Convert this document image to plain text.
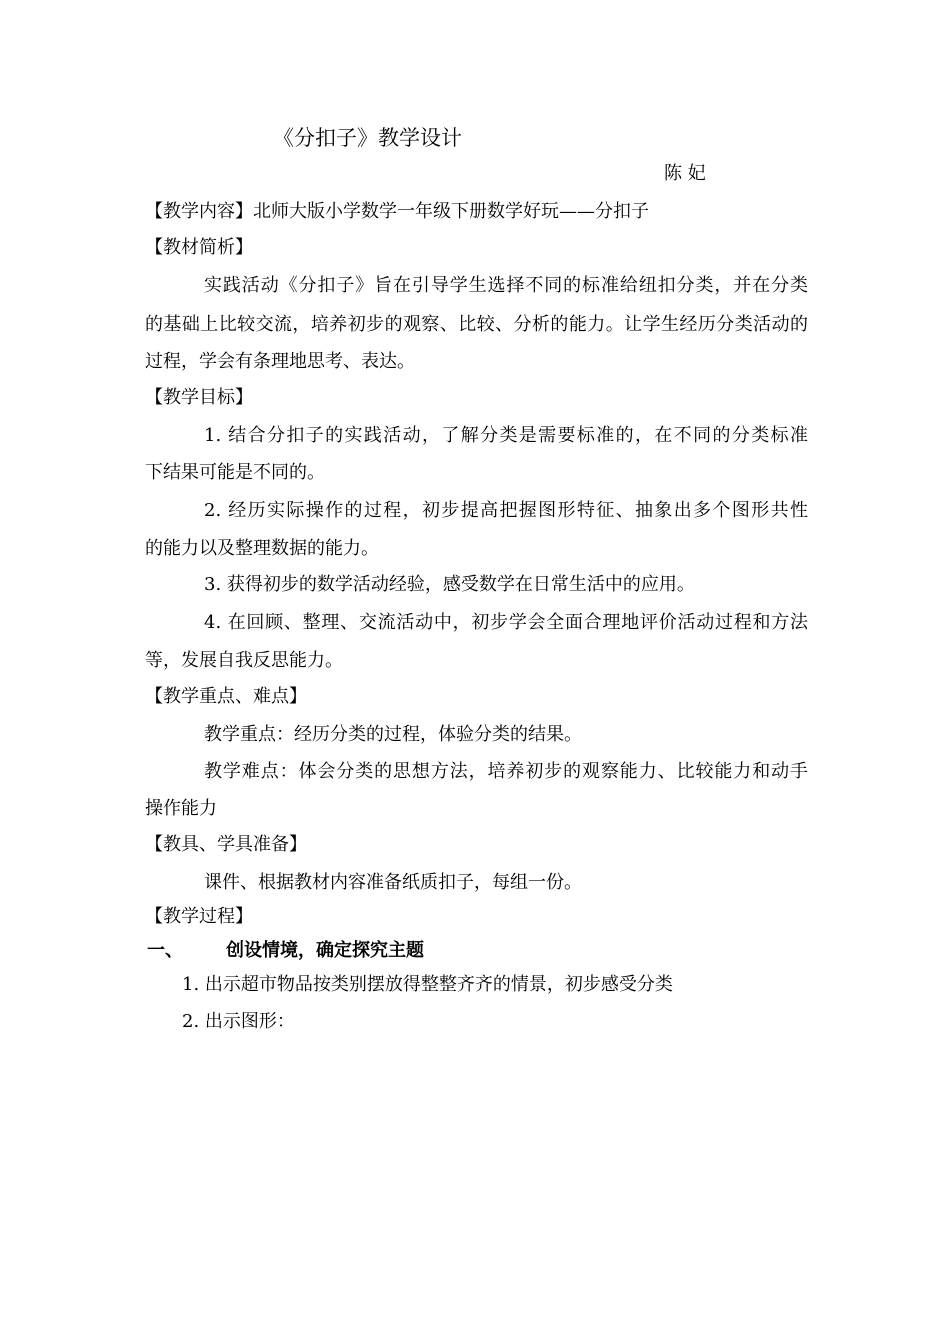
《分扣子》教学设计
陈 妃
【教学内容】北师大版小学数学一年级下册数学好玩——分扣子
【教材简析】
实践活动《分扣子》旨在引导学生选择不同的标准给纽扣分类，并在分类
的基础上比较交流，培养初步的观察、比较、分析的能力。让学生经历分类活动的
过程，学会有条理地思考、表达。
【教学目标】
1. 结合分扣子的实践活动，了解分类是需要标准的，在不同的分类标准
下结果可能是不同的。
2. 经历实际操作的过程，初步提高把握图形特征、抽象出多个图形共性
的能力以及整理数据的能力。
3. 获得初步的数学活动经验，感受数学在日常生活中的应用。
4. 在回顾、整理、交流活动中，初步学会全面合理地评价活动过程和方法
等，发展自我反思能力。
【教学重点、难点】
教学重点：经历分类的过程，体验分类的结果。
教学难点：体会分类的思想方法，培养初步的观察能力、比较能力和动手
操作能力
【教具、学具准备】
课件、根据教材内容准备纸质扣子，每组一份。
【教学过程】
一、 创设情境，确定探究主题
1. 出示超市物品按类别摆放得整整齐齐的情景，初步感受分类
2. 出示图形：
